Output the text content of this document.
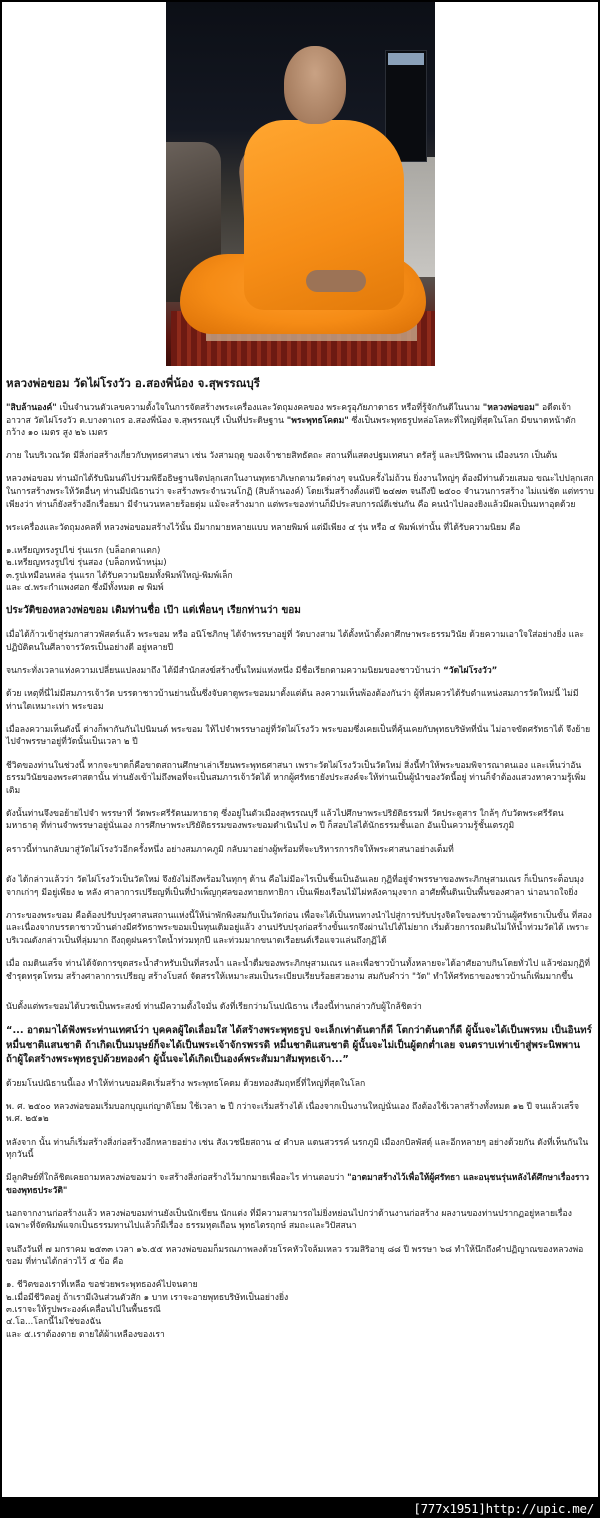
หลวงพ่อขอม วัดไผ่โรงวัว อ.สองพี่น้อง จ.สุพรรณบุรี

"สิบล้านองค์" เป็นจำนวนตัวเลขความตั้งใจในการจัดสร้างพระเครื่องและวัตถุมงคลของ พระครูอุภัยภาดาธร หรือที่รู้จักกันดีในนาม "หลวงพ่อขอม" อดีตเจ้าอาวาส วัดไผ่โรงวัว ต.บางตาเถร อ.สองพี่น้อง จ.สุพรรณบุรี เป็นที่ประดิษฐาน "พระพุทธโคดม" ซึ่งเป็นพระพุทธรูปหล่อโลหะที่ใหญ่ที่สุดในโลก มีขนาดหน้าตักกว้าง ๑๐ เมตร สูง ๒๖ เมตร

ภาย ในบริเวณวัด มีสิ่งก่อสร้างเกี่ยวกับพุทธศาสนา เช่น วังสามฤดู ของเจ้าชายสิทธัตถะ สถานที่แสดงปฐมเทศนา ตรัสรู้ และปรินิพพาน เมืองนรก เป็นต้น

หลวงพ่อขอม ท่านมักได้รับนิมนต์ไปร่วมพิธีอธิษฐานจิตปลุกเสกในงานพุทธาภิเษกตามวัดต่างๆ จนนับครั้งไม่ถ้วน ยิ่งงานใหญ่ๆ ต้องมีท่านด้วยเสมอ ขณะไปปลุกเสกในการสร้างพระให้วัดอื่นๆ ท่านมีปณิธานว่า จะสร้างพระจำนวนโกฏิ (สิบล้านองค์) โดยเริ่มสร้างตั้งแต่ปี ๒๔๗๓ จนถึงปี ๒๕๐๐ จำนวนการสร้าง ไม่แน่ชัด แต่ทราบเพียงว่า ท่านก็ยังสร้างอีกเรื่อยมา มีจำนวนหลายร้อยตุ่ม แม้จะสร้างมาก แต่พระของท่านก็มีประสบการณ์ดีเช่นกัน คือ คนนำไปลองยิงแล้วมีผลเป็นมหาอุดด้วย

พระเครื่องและวัตถุมงคลที่ หลวงพ่อขอมสร้างไว้นั้น มีมากมายหลายแบบ หลายพิมพ์ แต่มีเพียง ๔ รุ่น หรือ ๔ พิมพ์เท่านั้น ที่ได้รับความนิยม คือ

๑.เหรียญทรงรูปไข่ รุ่นแรก (บล็อกตาแตก)
๒.เหรียญทรงรูปไข่ รุ่นสอง (บล็อกหน้าหนุ่ม)
๓.รูปเหมือนหล่อ รุ่นแรก ได้รับความนิยมทั้งพิมพ์ใหญ่-พิมพ์เล็ก
และ ๔.พระกำแพงศอก ซึ่งมีทั้งหมด ๗ พิมพ์
ประวัติของหลวงพ่อขอม เดิมท่านชื่อ เป๊า แต่เพื่อนๆ เรียกท่านว่า ขอม

เมื่อได้ก้าวเข้าสู่ร่มกาสาวพัสตร์แล้ว พระขอม หรือ อนิโชภิกษุ ได้จำพรรษาอยู่ที่ วัดบางสาม ได้ตั้งหน้าตั้งตาศึกษาพระธรรมวินัย ด้วยความเอาใจใส่อย่างยิ่ง และปฏิบัติตนในศีลาจารวัตรเป็นอย่างดี อยู่หลายปี

จนกระทั่งเวลาแห่งความเปลี่ยนแปลงมาถึง ได้มีสำนักสงฆ์สร้างขึ้นใหม่แห่งหนึ่ง มีชื่อเรียกตามความนิยมของชาวบ้านว่า “วัดไผ่โรงวัว”

ด้วย เหตุที่นี่ไม่มีสมภารเจ้าวัด บรรดาชาวบ้านย่านนั้นซึ่งจับตาดูพระขอมมาตั้งแต่ต้น ลงความเห็นพ้องต้องกันว่า ผู้ที่สมควรได้รับตำแหน่งสมภารวัดใหม่นี้ ไม่มีท่านใดเหมาะเท่า พระขอม

เมื่อลงความเห็นดังนี้ ต่างก็พากันกันไปนิมนต์ พระขอม ให้ไปจำพรรษาอยู่ที่วัดไผ่โรงวัว พระขอมซึ่งเคยเป็นที่คุ้นเคยกับพุทธบริษัทที่นั่น ไม่อาจขัดศรัทธาได้ จึงย้ายไปจำพรรษาอยู่ที่วัดนั้นเป็นเวลา ๒ ปี

ชีวิตของท่านในช่วงนี้ หากจะขาดก็คือขาดสถานศึกษาเล่าเรียนพระพุทธศาสนา เพราะวัดไผ่โรงวัวเป็นวัดใหม่ สิ่งนี้ทำให้พระขอมพิจารณาตนเอง และเห็นว่าอันธรรมวินัยของพระศาสดานั้น ท่านยังเข้าไม่ถึงพอที่จะเป็นสมภารเจ้าวัดได้ หากผู้ศรัทธายังประสงค์จะให้ท่านเป็นผู้นำของวัดนี้อยู่ ท่านก็จำต้องแสวงหาความรู้เพิ่มเติม

ดังนั้นท่านจึงขอย้ายไปจำ พรรษาที่ วัดพระศรีรัตนมหาธาตุ ซึ่งอยู่ในตัวเมืองสุพรรณบุรี แล้วไปศึกษาพระปริยัติธรรมที่ วัดประตูสาร ใกล้ๆ กับวัดพระศรีรัตนมหาธาตุ ที่ท่านจำพรรษาอยู่นั่นเอง การศึกษาพระปริยัติธรรมของพระขอมดำเนินไป ๓ ปี ก็สอบไล่ได้นักธรรมชั้นเอก อันเป็นความรู้ชั้นเตรภูมิ

คราวนี้ท่านกลับมาสู่วัดไผ่โรงวัวอีกครั้งหนึ่ง อย่างสมภาคภูมิ กลับมาอย่างผู้พร้อมที่จะบริหารการกิจให้พระศาสนาอย่างเต็มที่

ดัง ได้กล่าวแล้วว่า วัดไผ่โรงวัวเป็นวัดใหม่ จึงยังไม่ถึงพร้อมในทุกๆ ด้าน คือไม่มีอะไรเป็นชิ้นเป็นอันเลย กุฏิที่อยู่จำพรรษาของพระภิกษุสามเณร ก็เป็นกระต็อบมุงจากเก่าๆ มีอยู่เพียง ๒ หลัง ศาลาการเปรียญที่เป็นที่บำเพ็ญกุศลของทายกทายิกา เป็นเพียงเรือนไม้ไผ่หลังคามุงจาก อาศัยพื้นดินเป็นพื้นของศาลา น่าอนาถใจยิ่ง

ภาระของพระขอม คือต้องปรับปรุงศาสนสถานแห่งนี้ให้น่าพักพิงสมกับเป็นวัดก่อน เพื่อจะได้เป็นหนทางนำไปสู่การปรับปรุงจิตใจของชาวบ้านผู้ศรัทธาเป็นขั้น ที่สอง และเนื่องจากบรรดาชาวบ้านต่างมีศรัทธาพระขอมเป็นทุนเดิมอยู่แล้ว งานปรับปรุงก่อสร้างขั้นแรกจึงผ่านไปได้ไม่ยาก เริ่มด้วยการถมดินไม่ให้น้ำท่วมวัดได้ เพราะบริเวณดังกล่าวเป็นที่ลุ่มมาก ถึงฤดูฝนคราใดน้ำท่วมทุกปี และท่วมมากขนาดเรือยนต์เรือแจวแล่นถึงกุฏิได้

เมื่อ ถมดินเสร็จ ท่านได้จัดการขุดสระน้ำสำหรับเป็นที่สรงน้ำ และน้ำดื่มของพระภิกษุสามเณร และเพื่อชาวบ้านทั้งหลายจะได้อาศัยอาบกินโดยทั่วไป แล้วซ่อมกุฏิที่ชำรุดทรุดโทรม สร้างศาลาการเปรียญ สร้างโบสถ์ จัดสรรให้เหมาะสมเป็นระเบียบเรียบร้อยสวยงาม สมกับคำว่า "วัด" ทำให้ศรัทธาของชาวบ้านก็เพิ่มมากขึ้น

นับตั้งแต่พระขอมได้บวชเป็นพระสงฆ์ ท่านมีความตั้งใจมั่น ดังที่เรียกว่ามโนปณิธาน เรื่องนี้ท่านกล่าวกับผู้ใกล้ชิดว่า

“... อาตมาได้ฟังพระท่านเทศน์ว่า บุคคลผู้ใดเลื่อมใส ได้สร้างพระพุทธรูป จะเล็กเท่าต้นตาก็ดี โตกว่าต้นตาก็ดี ผู้นั้นจะได้เป็นพรหม เป็นอินทร์ หมื่นชาติแสนชาติ ถ้าเกิดเป็นมนุษย์ก็จะได้เป็นพระเจ้าจักรพรรดิ หมื่นชาติแสนชาติ ผู้นั้นจะไม่เป็นผู้ตกต่ำเลย จนตราบเท่าเข้าสู่พระนิพพาน ถ้าผู้ใดสร้างพระพุทธรูปด้วยทองคำ ผู้นั้นจะได้เกิดเป็นองค์พระสัมมาสัมพุทธเจ้า...”

ด้วยมโนปณิธานนี้เอง ทำให้ท่านขอมคิดเริ่มสร้าง พระพุทธโคดม ด้วยทองสัมฤทธิ์ที่ใหญ่ที่สุดในโลก

พ. ศ. ๒๕๐๐ หลวงพ่อขอมเริ่มบอกบุญแก่ญาติโยม ใช้เวลา ๒ ปี กว่าจะเริ่มสร้างได้ เนื่องจากเป็นงานใหญ่นั่นเอง ถึงต้องใช้เวลาสร้างทั้งหมด ๑๒ ปี จนแล้วเสร็จ พ.ศ. ๒๕๑๒

หลังจาก นั้น ท่านก็เริ่มสร้างสิ่งก่อสร้างอีกหลายอย่าง เช่น สังเวชนียสถาน ๔ ตำบล แดนสวรรค์ นรกภูมิ เมืองกบิลพัสดุ์ และอีกหลายๆ อย่างด้วยกัน ดังที่เห็นกันในทุกวันนี้

มีลูกศิษย์ที่ใกล้ชิดเคยถามหลวงพ่อขอมว่า จะสร้างสิ่งก่อสร้างไว้มากมายเพื่ออะไร ท่านตอบว่า "อาตมาสร้างไว้เพื่อให้ผู้ศรัทธา และอนุชนรุ่นหลังได้ศึกษาเรื่องราวของพุทธประวัติ"

นอกจากงานก่อสร้างแล้ว หลวงพ่อขอมท่านยังเป็นนักเขียน นักแต่ง ที่มีความสามารถไม่ยิ่งหย่อนไปกว่าด้านงานก่อสร้าง ผลงานของท่านปรากฏอยู่หลายเรื่อง เฉพาะที่จัดพิมพ์แจกเป็นธรรมทานไปแล้วก็มีเรื่อง ธรรมหุตเถือน พุทธไตรฤกษ์ สมถะและวิปัสสนา

จนถึงวันที่ ๗ มกราคม ๒๕๓๓ เวลา ๑๖.๕๕ หลวงพ่อขอมก็มรณภาพลงด้วยโรคหัวใจล้มเหลว รวมสิริอายุ ๘๘ ปี พรรษา ๖๘ ทำให้นึกถึงคำปฏิญาณของหลวงพ่อขอม ที่ท่านได้กล่าวไว้ ๕ ข้อ คือ

๑. ชีวิตของเราที่เหลือ ขอช่วยพระพุทธองค์ไปจนตาย
๒.เมื่อมีชีวิตอยู่ ถ้าเรามีเงินส่วนตัวสัก ๑ บาท เราจะอายพุทธบริษัทเป็นอย่างยิ่ง
๓.เราจะให้รูปพระองค์เคลื่อนไปในพื้นธรณี
๔.โอ...โลกนี้ไม่ใช่ของฉัน
และ ๕.เราต้องตาย ตายใต้ผ้าเหลืองของเรา
[777x1951]http://upic.me/
